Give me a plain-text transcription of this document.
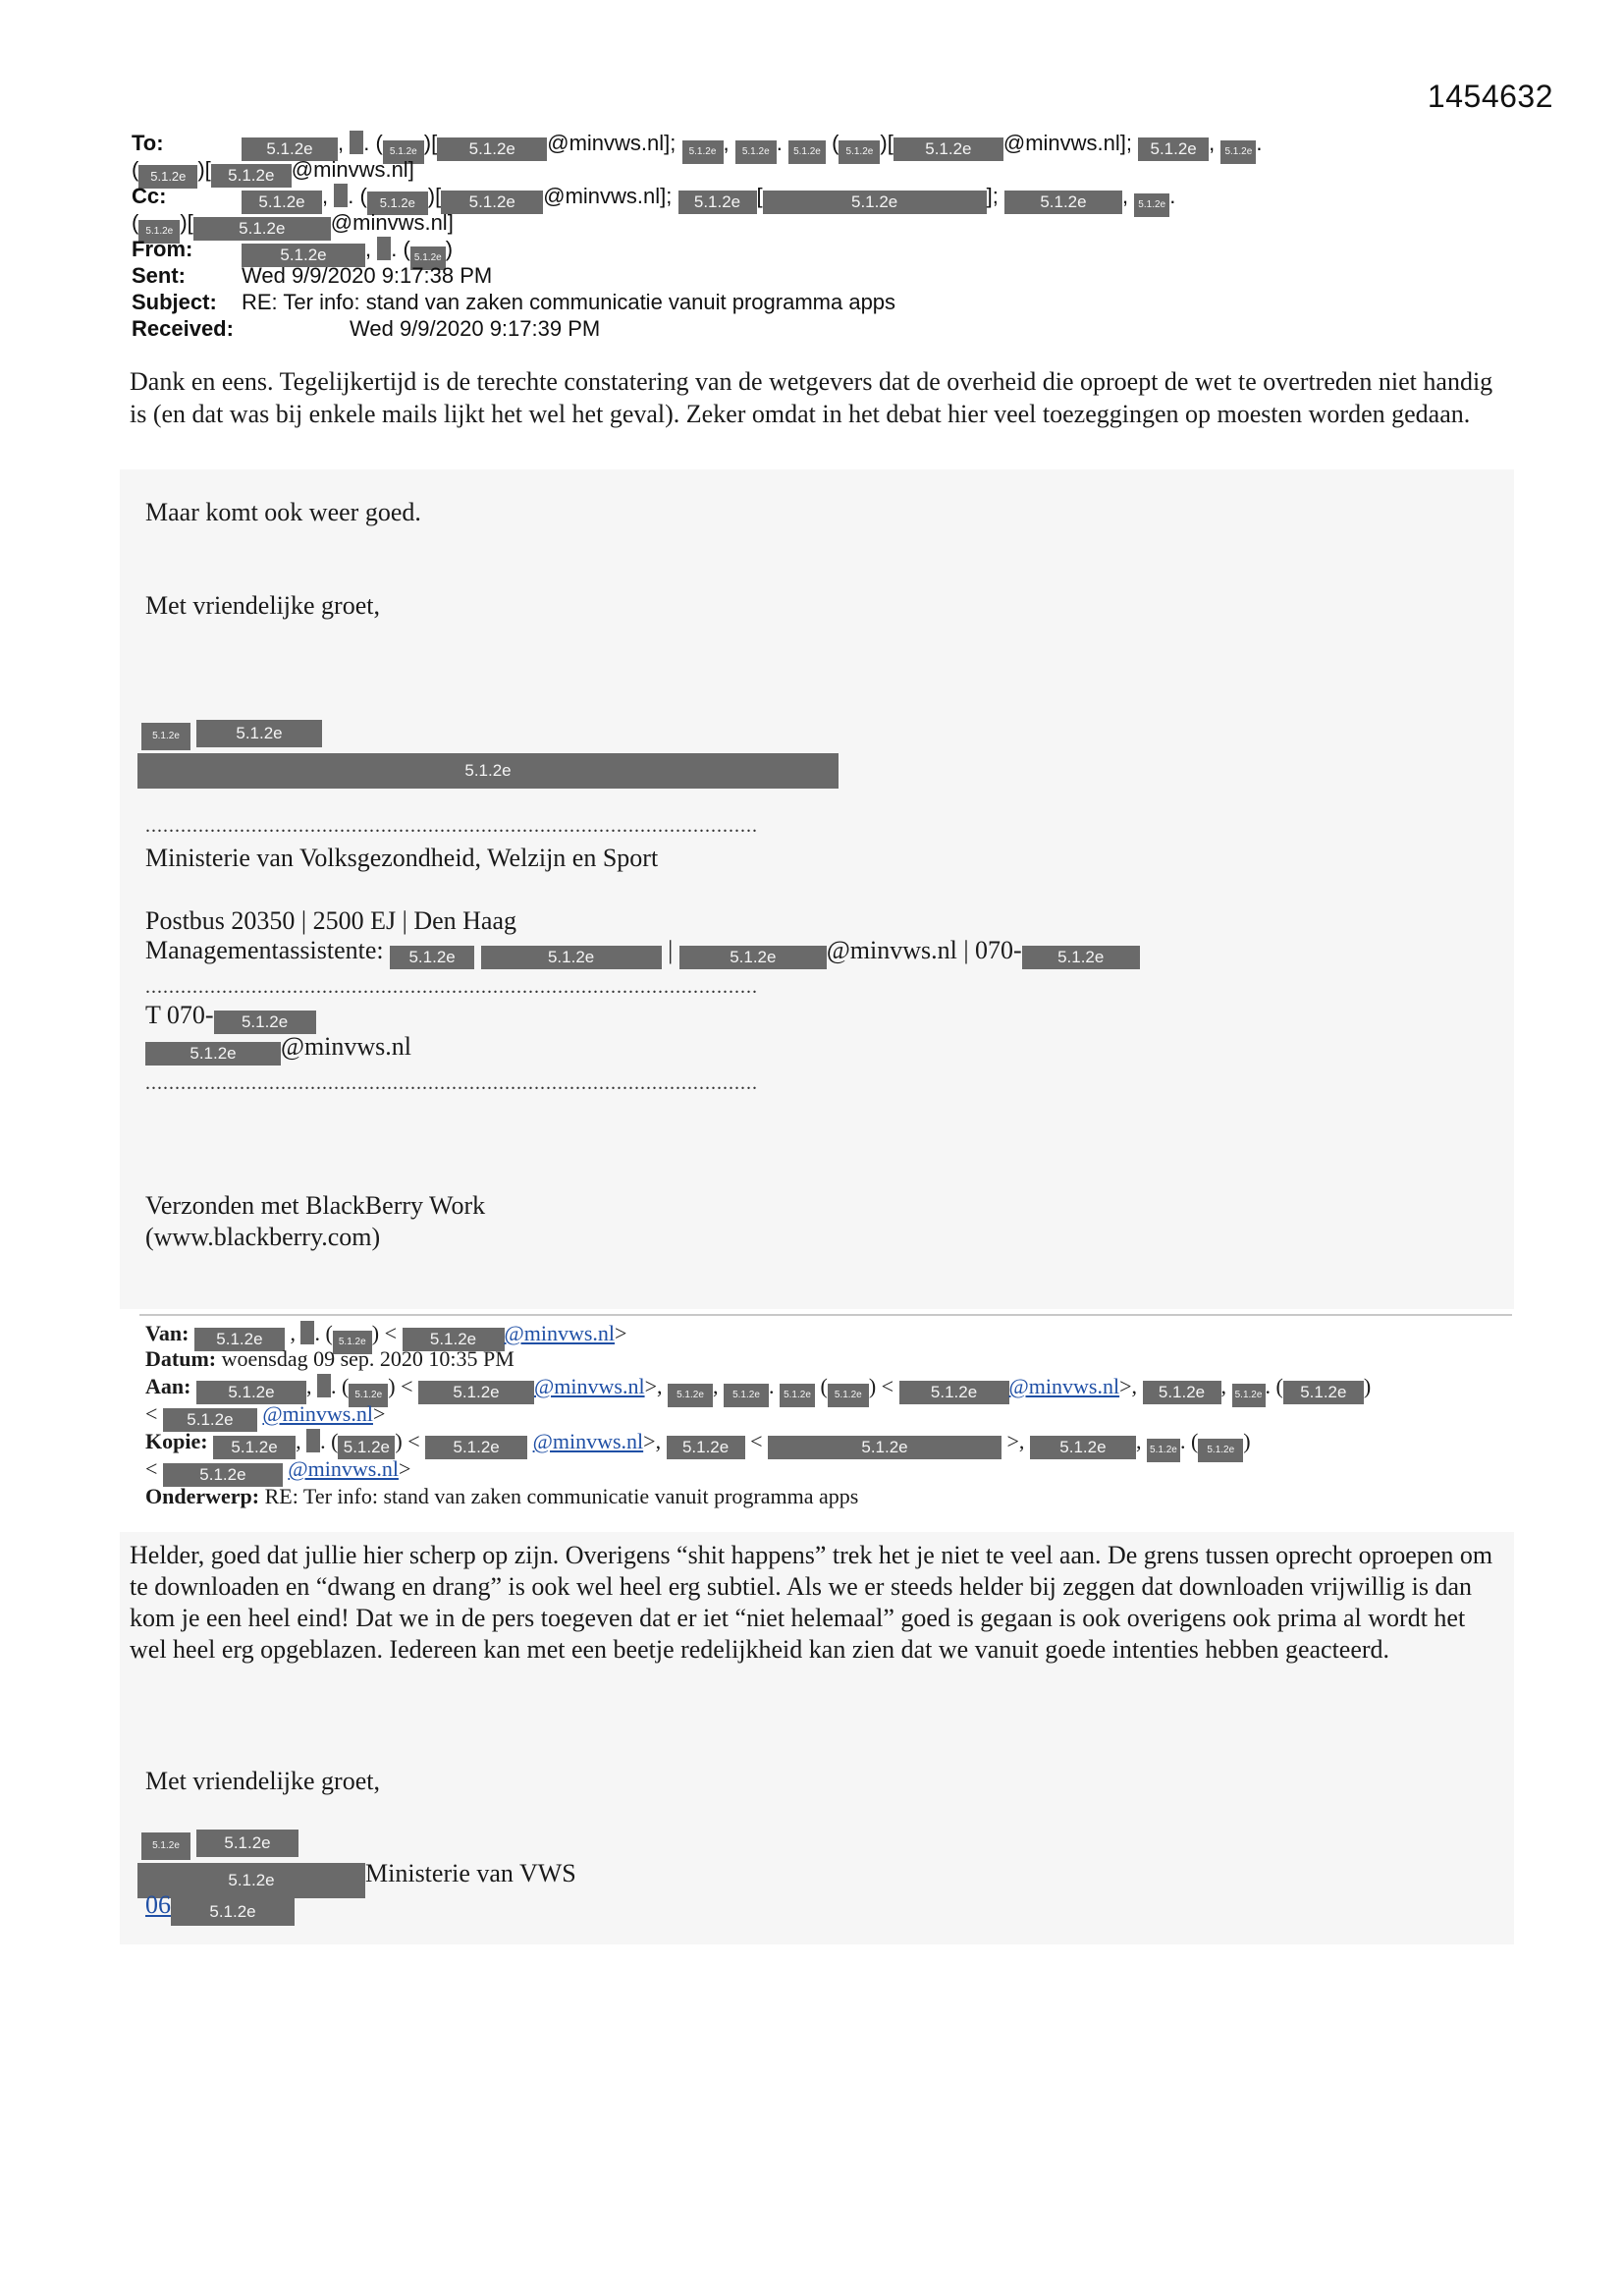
1454632
To:	5.1.2e , . ( 5.1.2e )[ 5.1.2e @minvws.nl]; 5.1.2e , 5.1.2e . 5.1.2e ( 5.1.2e )[ 5.1.2e @minvws.nl]; 5.1.2e , 5.1.2e .
( 5.1.2e )[ 5.1.2e @minvws.nl]
Cc:	5.1.2e , . ( 5.1.2e )[ 5.1.2e @minvws.nl]; 5.1.2e [	5.1.2e	]; 5.1.2e , 5.1.2e .
( 5.1.2e )[	5.1.2e @minvws.nl]
From:	5.1.2e , . ( 5.1.2e )
Sent:	Wed 9/9/2020 9:17:38 PM
Subject: RE: Ter info: stand van zaken communicatie vanuit programma apps
Received:	Wed 9/9/2020 9:17:39 PM
Dank en eens. Tegelijkertijd is de terechte constatering van de wetgevers dat de overheid die oproept de wet te overtreden niet handig is (en dat was bij enkele mails lijkt het wel het geval). Zeker omdat in het debat hier veel toezeggingen op moesten worden gedaan.
Maar komt ook weer goed.
Met vriendelijke groet,
5.1.2e	5.1.2e
5.1.2e
........................................................................................................
Ministerie van Volksgezondheid, Welzijn en Sport
Postbus 20350 | 2500 EJ | Den Haag
Managementassistente: 5.1.2e	5.1.2e	|	5.1.2e @minvws.nl | 070- 5.1.2e
........................................................................................................
T 070- 5.1.2e
5.1.2e @minvws.nl
........................................................................................................
Verzonden met BlackBerry Work
(www.blackberry.com)
Van: 5.1.2e , . ( 5.1.2e ) < 5.1.2e @minvws.nl>
Datum: woensdag 09 sep. 2020 10:35 PM
Aan: 5.1.2e , . ( 5.1.2e ) < 5.1.2e @minvws.nl>, 5.1.2e , 5.1.2e . 5.1.2e ( 5.1.2e ) < 5.1.2e @minvws.nl>, 5.1.2e , 5.1.2e . ( 5.1.2e )
< 5.1.2e @minvws.nl>
Kopie: 5.1.2e , . ( 5.1.2e ) < 5.1.2e @minvws.nl>, 5.1.2e <	5.1.2e	>, 5.1.2e , 5.1.2e . ( 5.1.2e )
< 5.1.2e @minvws.nl>
Onderwerp: RE: Ter info: stand van zaken communicatie vanuit programma apps
Helder, goed dat jullie hier scherp op zijn. Overigens “shit happens” trek het je niet te veel aan. De grens tussen oprecht oproepen om te downloaden en “dwang en drang” is ook wel heel erg subtiel. Als we er steeds helder bij zeggen dat downloaden vrijwillig is dan kom je een heel eind! Dat we in de pers toegeven dat er iet “niet helemaal” goed is gegaan is ook overigens ook prima al wordt het wel heel erg opgeblazen. Iedereen kan met een beetje redelijkheid kan zien dat we vanuit goede intenties hebben geacteerd.
Met vriendelijke groet,
5.1.2e	5.1.2e
5.1.2e	Ministerie van VWS
06 5.1.2e
